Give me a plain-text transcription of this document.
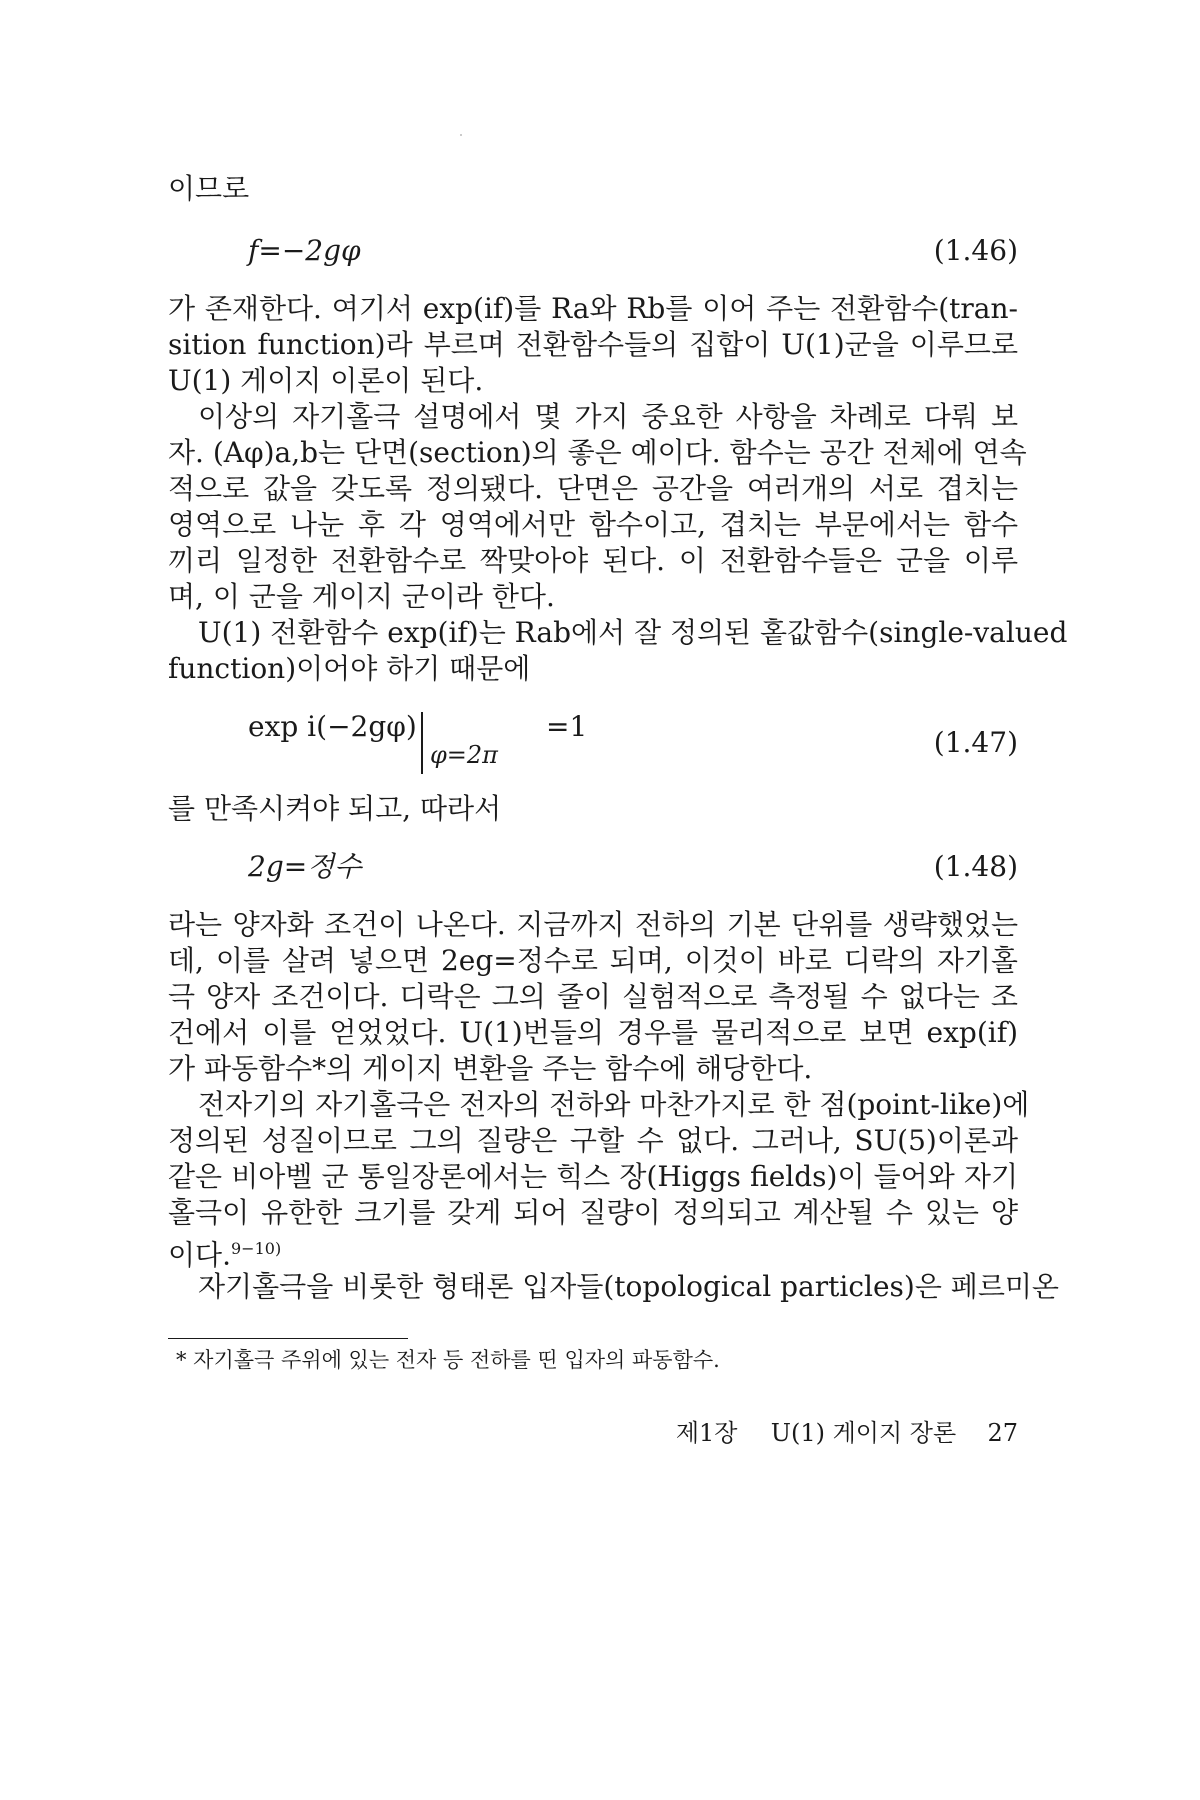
이므로
f=−2gφ	(1.46)
가 존재한다. 여기서 exp(if)를 Ra와 Rb를 이어 주는 전환함수(tran-
sition function)라 부르며 전환함수들의 집합이 U(1)군을 이루므로
U(1) 게이지 이론이 된다.
이상의 자기홀극 설명에서 몇 가지 중요한 사항을 차례로 다뤄 보
자. (Aφ)a,b는 단면(section)의 좋은 예이다. 함수는 공간 전체에 연속
적으로 값을 갖도록 정의됐다. 단면은 공간을 여러개의 서로 겹치는
영역으로 나눈 후 각 영역에서만 함수이고, 겹치는 부문에서는 함수
끼리 일정한 전환함수로 짝맞아야 된다. 이 전환함수들은 군을 이루
며, 이 군을 게이지 군이라 한다.
U(1) 전환함수 exp(if)는 Rab에서 잘 정의된 홑값함수(single-valued
function)이어야 하기 때문에
exp i(−2gφ)
φ=2π
=1	(1.47)
를 만족시켜야 되고, 따라서
2g=정수	(1.48)
라는 양자화 조건이 나온다. 지금까지 전하의 기본 단위를 생략했었는
데, 이를 살려 넣으면 2eg=정수로 되며, 이것이 바로 디락의 자기홀
극 양자 조건이다. 디락은 그의 줄이 실험적으로 측정될 수 없다는 조
건에서 이를 얻었었다. U(1)번들의 경우를 물리적으로 보면 exp(if)
가 파동함수*의 게이지 변환을 주는 함수에 해당한다.
전자기의 자기홀극은 전자의 전하와 마찬가지로 한 점(point-like)에
정의된 성질이므로 그의 질량은 구할 수 없다. 그러나, SU(5)이론과
같은 비아벨 군 통일장론에서는 힉스 장(Higgs fields)이 들어와 자기
홀극이 유한한 크기를 갖게 되어 질량이 정의되고 계산될 수 있는 양
이다.$^{9-10)}$
자기홀극을 비롯한 형태론 입자들(topological particles)은 페르미온
* 자기홀극 주위에 있는 전자 등 전하를 띤 입자의 파동함수.
제1장 U(1) 게이지 장론 27
